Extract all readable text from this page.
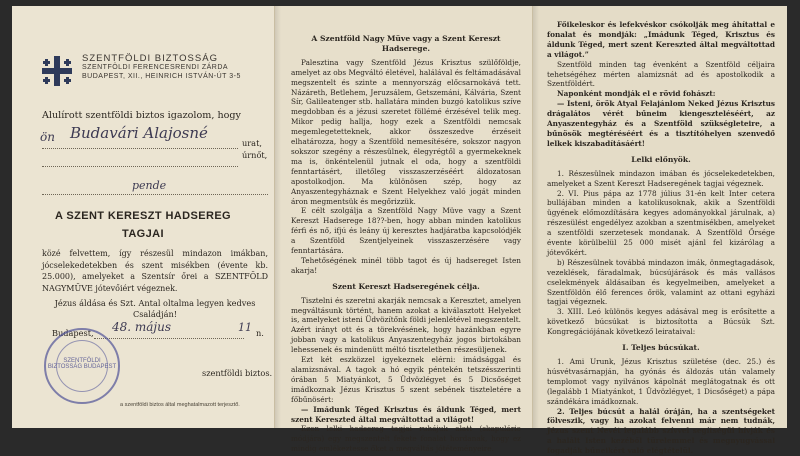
SZENTFÖLDI BIZTOSSÁG
SZENTFÖLDI FERENCESRENDI ZÁRDA
BUDAPEST, XII., HEINRICH ISTVÁN-ÚT 3-5
Alulírott szentföldi biztos igazolom, hogy
ön Budavári Alajosné
urat,
úrnőt,
pende
A SZENT KERESZT HADSEREG
TAGJAI
közé felvettem, így részesül mindazon imákban, jócselekedetekben és szent misékben (évente kb. 25.000), amelyeket a Szentsír őrei a SZENTFÖLD NAGYMÜVE jótevőiért végeznek.
Jézus áldása és Szt. Antal oltalma legyen kedves Családján!
Budapest, 48. május	11 n.
szentföldi biztos.
SZENTFÖLDI BIZTOSSÁG BUDAPEST
a szentföldi biztos által meghatalmazott terjesztő.

A Szentföld Nagy Müve vagy a Szent Kereszt Hadserege.

Palesztina vagy Szentföld Jézus Krisztus szülőföldje, amelyet az obs Megváltó életével, halálával és feltámadásával megszentelt és szinte a mennyország előcsarnokává tett. Názáreth, Betlehem, Jeruzsálem, Getszemáni, Kálvária, Szent Sír, Galileatenger stb. hallatára minden buzgó katolikus szíve megdobban és a jézusi szeretet föllémé érzésével telik meg. Mikor pedig hallja, hogy ezek a Szentföldi nemcsak megemlegetetteknek, akkor összeszedve érzéseit elhatározza, hogy a Szentföld nemesítésére, sokszor nagyon sokszor szegény a részesülnek, élegyrégtől a gyermekeknek ma is, önkéntelenül jutnak el oda, hogy a szentföldi fenntartásért, illetőleg visszaszerzéséért áldozatosan apostolkodjon. Ma különösen szép, hogy az Anyaszentegyháznak e Szent Helyekhez való jogát minden áron megmentsük és megőrizzük.

E célt szolgálja a Szentföld Nagy Müve vagy a Szent Kereszt Hadserege 18??-ben, hogy abban minden katolikus férfi és nő, ifjú és leány új keresztes hadjáratba kapcsolódjék a Szentföld Szentjelyeinek visszaszerzésére vagy fenntartására.

Tehetőségének minél több tagot és új hadsereget Isten akarja!

Szent Kereszt Hadseregének célja.

Tisztelni és szeretni akarják nemcsak a Keresztet, amelyen megváltásunk történt, hanem azokat a kiválasztott Helyeket is, amelyeket isteni Üdvözítőnk földi jelenlétével megszentelt. Azért irányt ott és a törekvésének, hogy hazánkban egyre jobban vagy a katolikus Anyaszentegyház jogos birtokában lehessenek és mindenütt méltó tiszteletben részesüljenek.

Ezt két eszközzel igyekeznek elérni: imádsággal és alamizsnával. A tagok a hó egyik péntekén tetszésszerinti órában 5 Miatyánkot, 5 Üdvözlégyet és 5 Dicsőséget imádkoznak Jézus Krisztus 5 szent sebének tiszteletére a főbűnösért:

— Imádunk Téged Krisztus és áldunk Téged, mert szent Kereszted által megváltottad a világot!

Ezen lelki hadsereg tagjai ruhájuk alatt (skapulárie módjára) egy megszentelt fekete fonalat hordanak, hogy ez mindig emlékeztesse őket a megváltás jótéteményeire.

Főikeleskor és lefekvéskor csókolják meg áhítattal e fonalat és mondják: „Imádunk Téged, Krisztus és áldunk Téged, mert szent Kereszted által megváltottad a világot.”

Szentföld minden tag évenként a Szentföld céljaira tehetségéhez mérten alamizsnát ad és apostolkodik a Szentföldért.

Naponként mondják el e rövid fohászt:

— Isteni, örök Atyal Felajánlom Neked Jézus Krisztus drágalátos vérét bűneim kiengeszteléséért, az Anyaszentegyház és a Szentföld szükségleteire, a bűnösök megtéréséért és a tisztítóhelyen szenvedő lelkek kiszabadításáért!

Lelki előnyök.

1. Részesülnek mindazon imában és jócselekedetekben, amelyeket a Szent Kereszt Hadseregének tagjai végeznek.

2. VI. Pius pápa az 1778 július 31-én kelt Inter cetera bullájában minden a katolikusoknak, akik a Szentföldi ügyének előmozdítására kegyes adományokkal járulnak, a) részesülést engedélyez azokban a szentmisékben, amelyeket a szentföldi szerzetesek mondanak. A Szentföld Őrsége évente körülbelül 25 000 misét ajánl fel kizárólag a jótevőkért.

b) Részesülnek továbbá mindazon imák, önmegtagadások, vezeklések, fáradalmak, búcsújárások és más vallásos cselekmények áldásaiban és kegyelmeiben, amelyeket a Szentföldön élő ferences őrök, valamint az ottani egyházi tagjai végeznek.

3. XIII. Leó különös kegyes adásával meg is erősítette a következő búcsúkat is biztosította a Búcsúk Szt. Kongregációjának következő leirataival:

I. Teljes búcsúkat.

1. Ami Urunk, Jézus Krisztus születése (dec. 25.) és húsvétvasárnapján, ha gyónás és áldozás után valamely templomot vagy nyilvános kápolnát meglátogatnak és ott (legalább 1 Miatyánkot, 1 Üdvözlégyet, 1 Dicsőséget) a pápa szándékára imádkoznak.

2. Teljes búcsút a halál óráján, ha a szentségeket fölveszik, vagy ha azokat felvenni már nem tudnák, Jézus szent Nevét legalább szívvel segítségül hívják és a halált Isten kezéből türelemmel és megnyugvással fogadják bűneikért való elégtételül.
